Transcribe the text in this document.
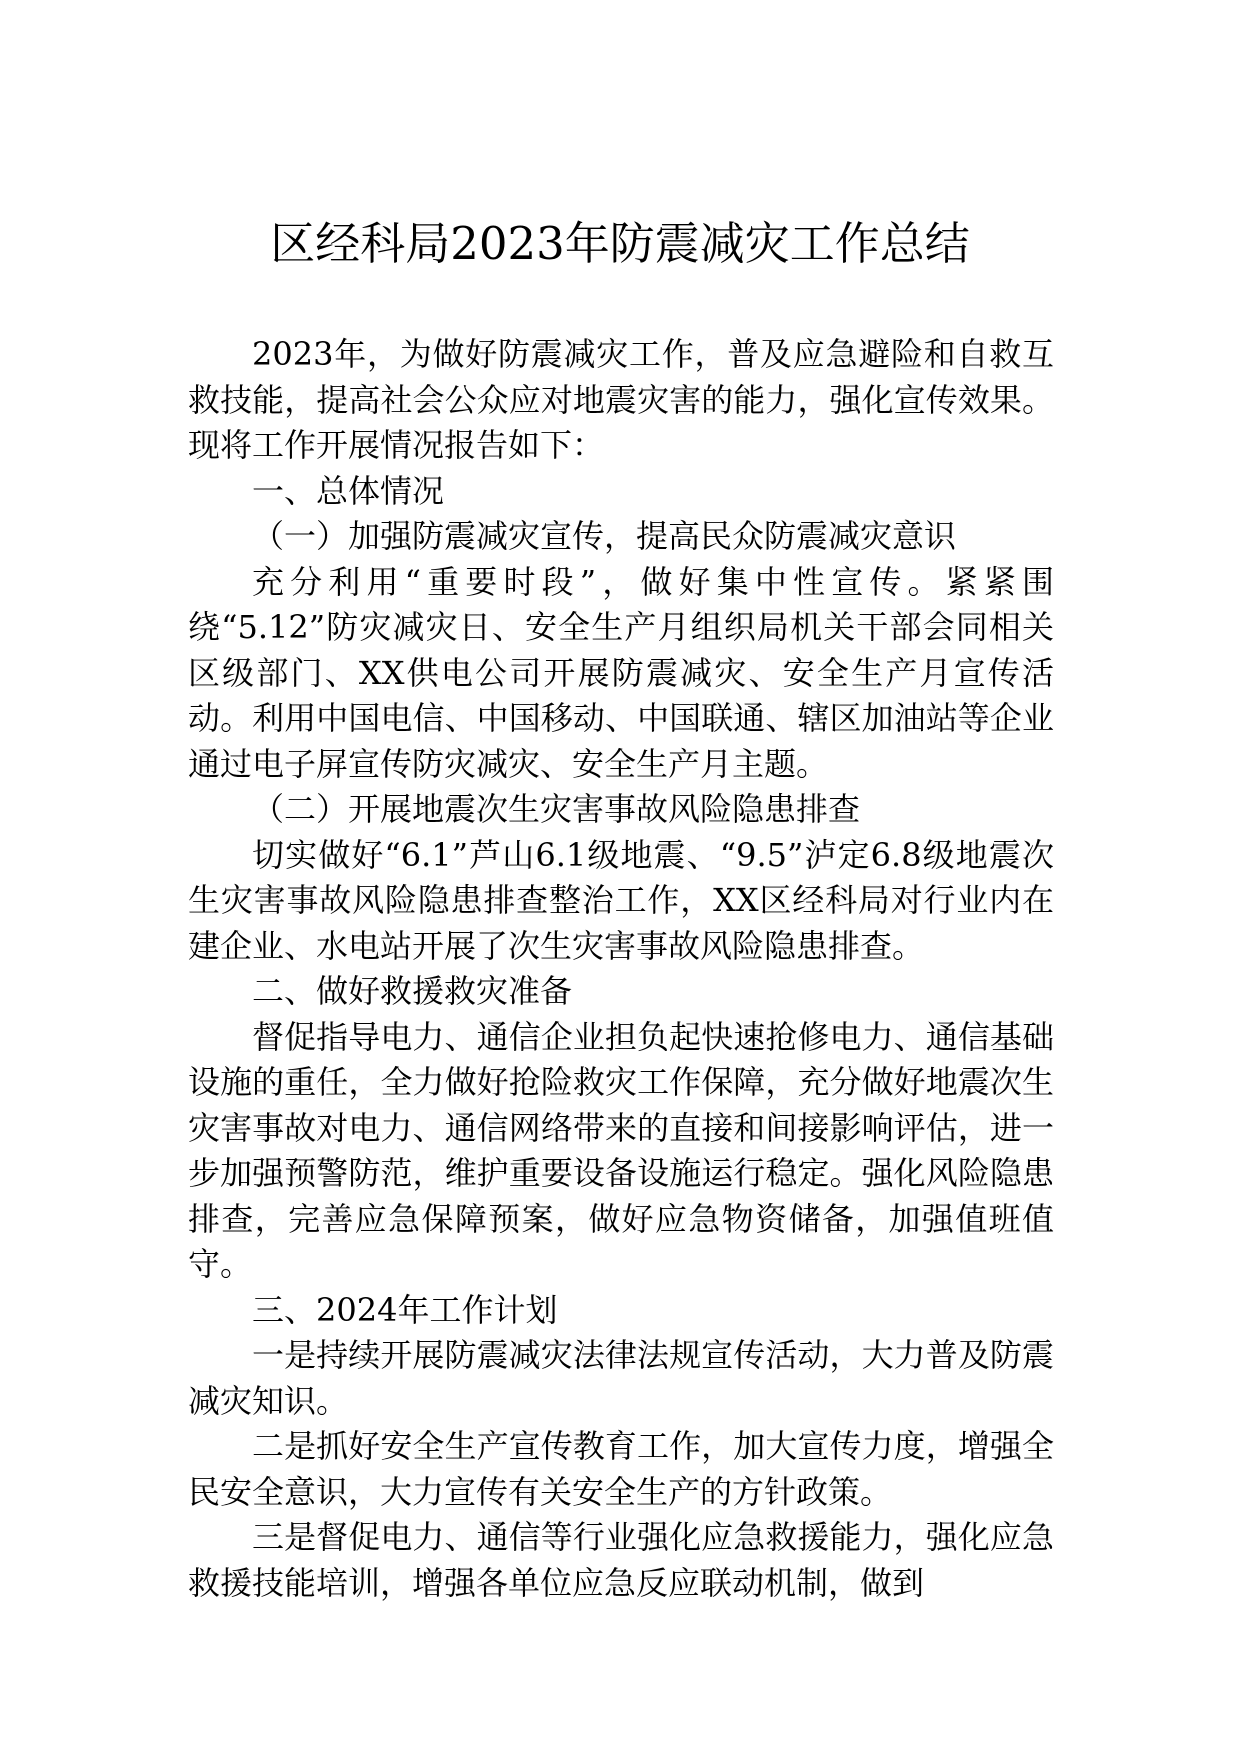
区经科局2023年防震减灾工作总结

2023年，为做好防震减灾工作，普及应急避险和自救互救技能，提高社会公众应对地震灾害的能力，强化宣传效果。现将工作开展情况报告如下：

一、总体情况

（一）加强防震减灾宣传，提高民众防震减灾意识

充分利用“重要时段”，做好集中性宣传。紧紧围绕“5.12”防灾减灾日、安全生产月组织局机关干部会同相关区级部门、XX供电公司开展防震减灾、安全生产月宣传活动。利用中国电信、中国移动、中国联通、辖区加油站等企业通过电子屏宣传防灾减灾、安全生产月主题。

（二）开展地震次生灾害事故风险隐患排查

切实做好“6.1”芦山6.1级地震、“9.5”泸定6.8级地震次生灾害事故风险隐患排查整治工作，XX区经科局对行业内在建企业、水电站开展了次生灾害事故风险隐患排查。

二、做好救援救灾准备

督促指导电力、通信企业担负起快速抢修电力、通信基础设施的重任，全力做好抢险救灾工作保障，充分做好地震次生灾害事故对电力、通信网络带来的直接和间接影响评估，进一步加强预警防范，维护重要设备设施运行稳定。强化风险隐患排查，完善应急保障预案，做好应急物资储备，加强值班值守。

三、2024年工作计划

一是持续开展防震减灾法律法规宣传活动，大力普及防震减灾知识。

二是抓好安全生产宣传教育工作，加大宣传力度，增强全民安全意识，大力宣传有关安全生产的方针政策。

三是督促电力、通信等行业强化应急救援能力，强化应急救援技能培训，增强各单位应急反应联动机制，做到
